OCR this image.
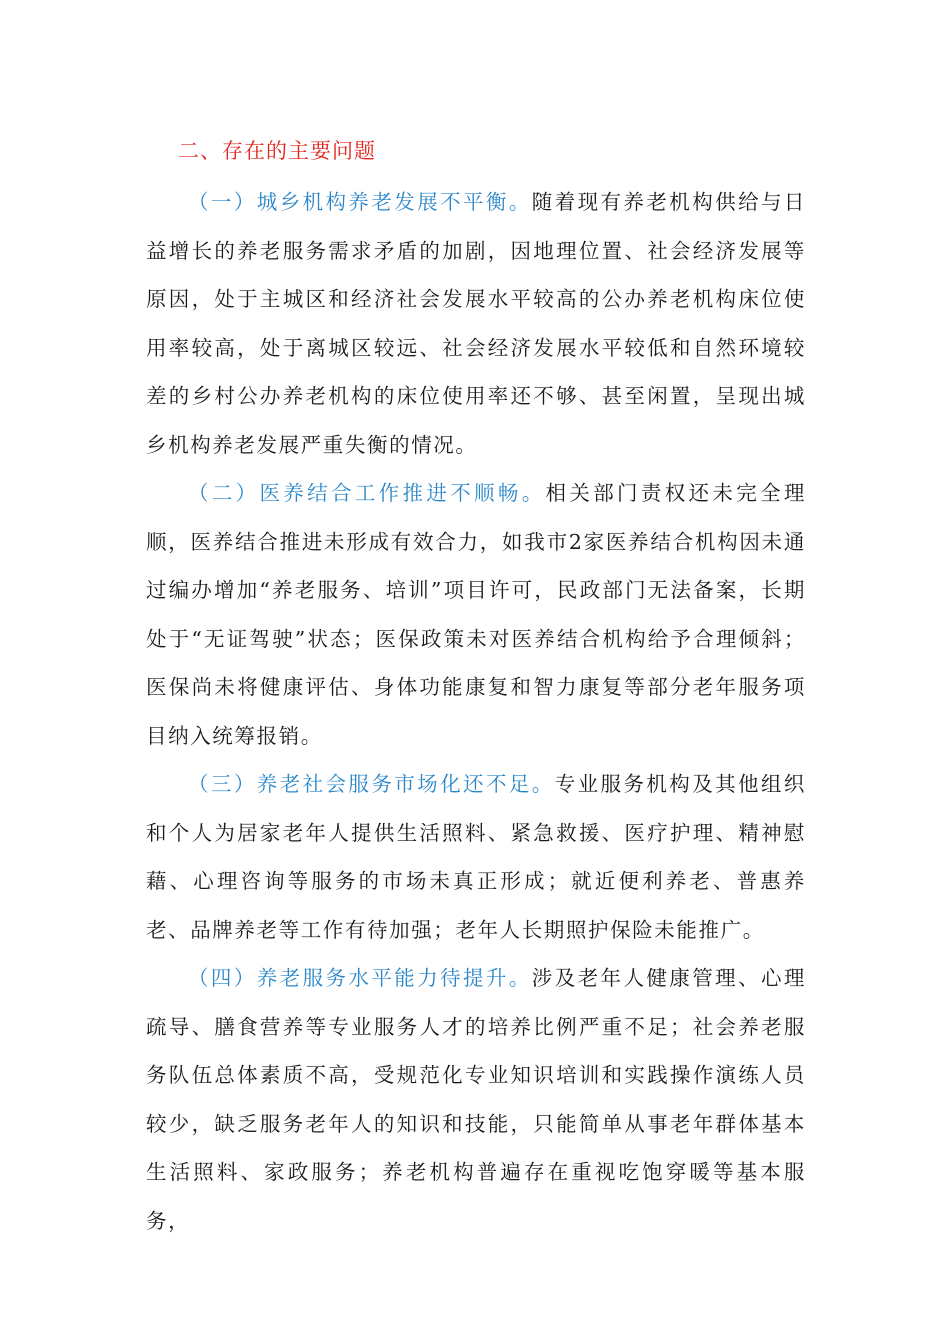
二、存在的主要问题

（一）城乡机构养老发展不平衡。随着现有养老机构供给与日益增长的养老服务需求矛盾的加剧，因地理位置、社会经济发展等原因，处于主城区和经济社会发展水平较高的公办养老机构床位使用率较高，处于离城区较远、社会经济发展水平较低和自然环境较差的乡村公办养老机构的床位使用率还不够、甚至闲置，呈现出城乡机构养老发展严重失衡的情况。

（二）医养结合工作推进不顺畅。相关部门责权还未完全理顺，医养结合推进未形成有效合力，如我市2家医养结合机构因未通过编办增加“养老服务、培训”项目许可，民政部门无法备案，长期处于“无证驾驶”状态；医保政策未对医养结合机构给予合理倾斜；医保尚未将健康评估、身体功能康复和智力康复等部分老年服务项目纳入统筹报销。

（三）养老社会服务市场化还不足。专业服务机构及其他组织和个人为居家老年人提供生活照料、紧急救援、医疗护理、精神慰藉、心理咨询等服务的市场未真正形成；就近便利养老、普惠养老、品牌养老等工作有待加强；老年人长期照护保险未能推广。

（四）养老服务水平能力待提升。涉及老年人健康管理、心理疏导、膳食营养等专业服务人才的培养比例严重不足；社会养老服务队伍总体素质不高，受规范化专业知识培训和实践操作演练人员较少，缺乏服务老年人的知识和技能，只能简单从事老年群体基本生活照料、家政服务；养老机构普遍存在重视吃饱穿暖等基本服务，
